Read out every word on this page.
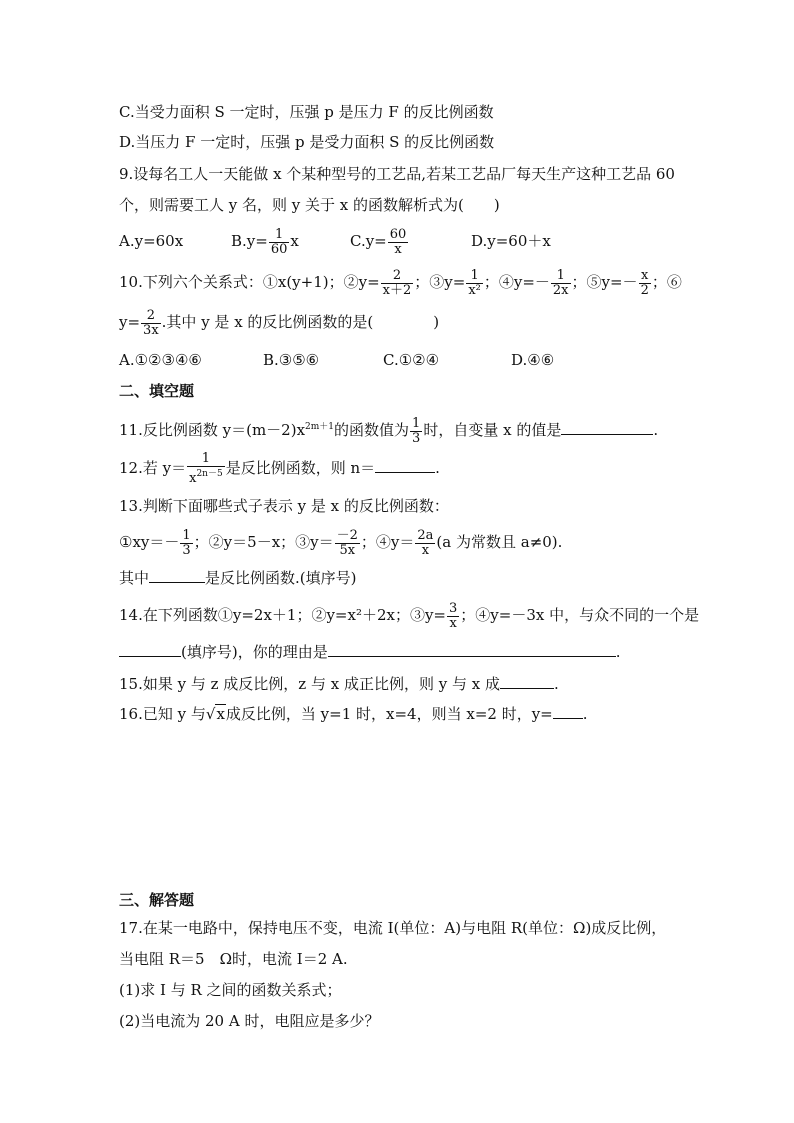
C.当受力面积 S 一定时，压强 p 是压力 F 的反比例函数
D.当压力 F 一定时，压强 p 是受力面积 S 的反比例函数
9.设每名工人一天能做 x 个某种型号的工艺品,若某工艺品厂每天生产这种工艺品 60
个，则需要工人 y 名，则 y 关于 x 的函数解析式为(　　)
A.y=60x	$B.y= \frac{1}{60}$ x	$C.y= \frac{60}{x}$	D.y=60＋x
10.下列六个关系式：①x(y+1)；②y= $\frac{2}{x+2}$ ；③y= $\frac{1}{\text{x²}}$ ；④y=－ $\frac{1}{2x}$ ；⑤y=－ $\frac{x}{2}$ ；⑥
$y= \frac{2}{3x}$ .其中 y 是 x 的反比例函数的是(　　　　)
A.①②③④⑥	B.③⑤⑥	C.①②④	D.④⑥
二、填空题
11.反比例函数 $y=(m-2)x^{2m+1}$的函数值为 $\frac{1}{3}$ 时，自变量 x 的值是	.
12.若 $y= \frac{1}{x^{2n-5}}$ 是反比例函数，则 n＝	.
13.判断下面哪些式子表示 y 是 x 的反比例函数：
①xy＝－ $\frac{1}{3}$ ；②y＝5－x；③y＝ $\frac{-2}{5x}$ ；④y＝ $\frac{2a}{x} (a$ 为常数且 a≠0).
其中	是反比例函数.(填序号)
14.在下列函数①y=2x＋1；②y=x²＋2x；③y= $\frac{3}{x}$ ；④y=－3x 中，与众不同的一个是
(填序号)，你的理由是	.
15.如果 y 与 z 成反比例，z 与 x 成正比例，则 y 与 x 成	.
16.已知 y 与√x成反比例，当 y=1 时，x=4，则当 x=2 时，y= .
三、解答题
17.在某一电路中，保持电压不变，电流 I(单位：A)与电阻 R(单位：Ω)成反比例，
当电阻 R＝5　Ω时，电流 I＝2 A.
(1)求 I 与 R 之间的函数关系式；
(2)当电流为 20 A 时，电阻应是多少？
